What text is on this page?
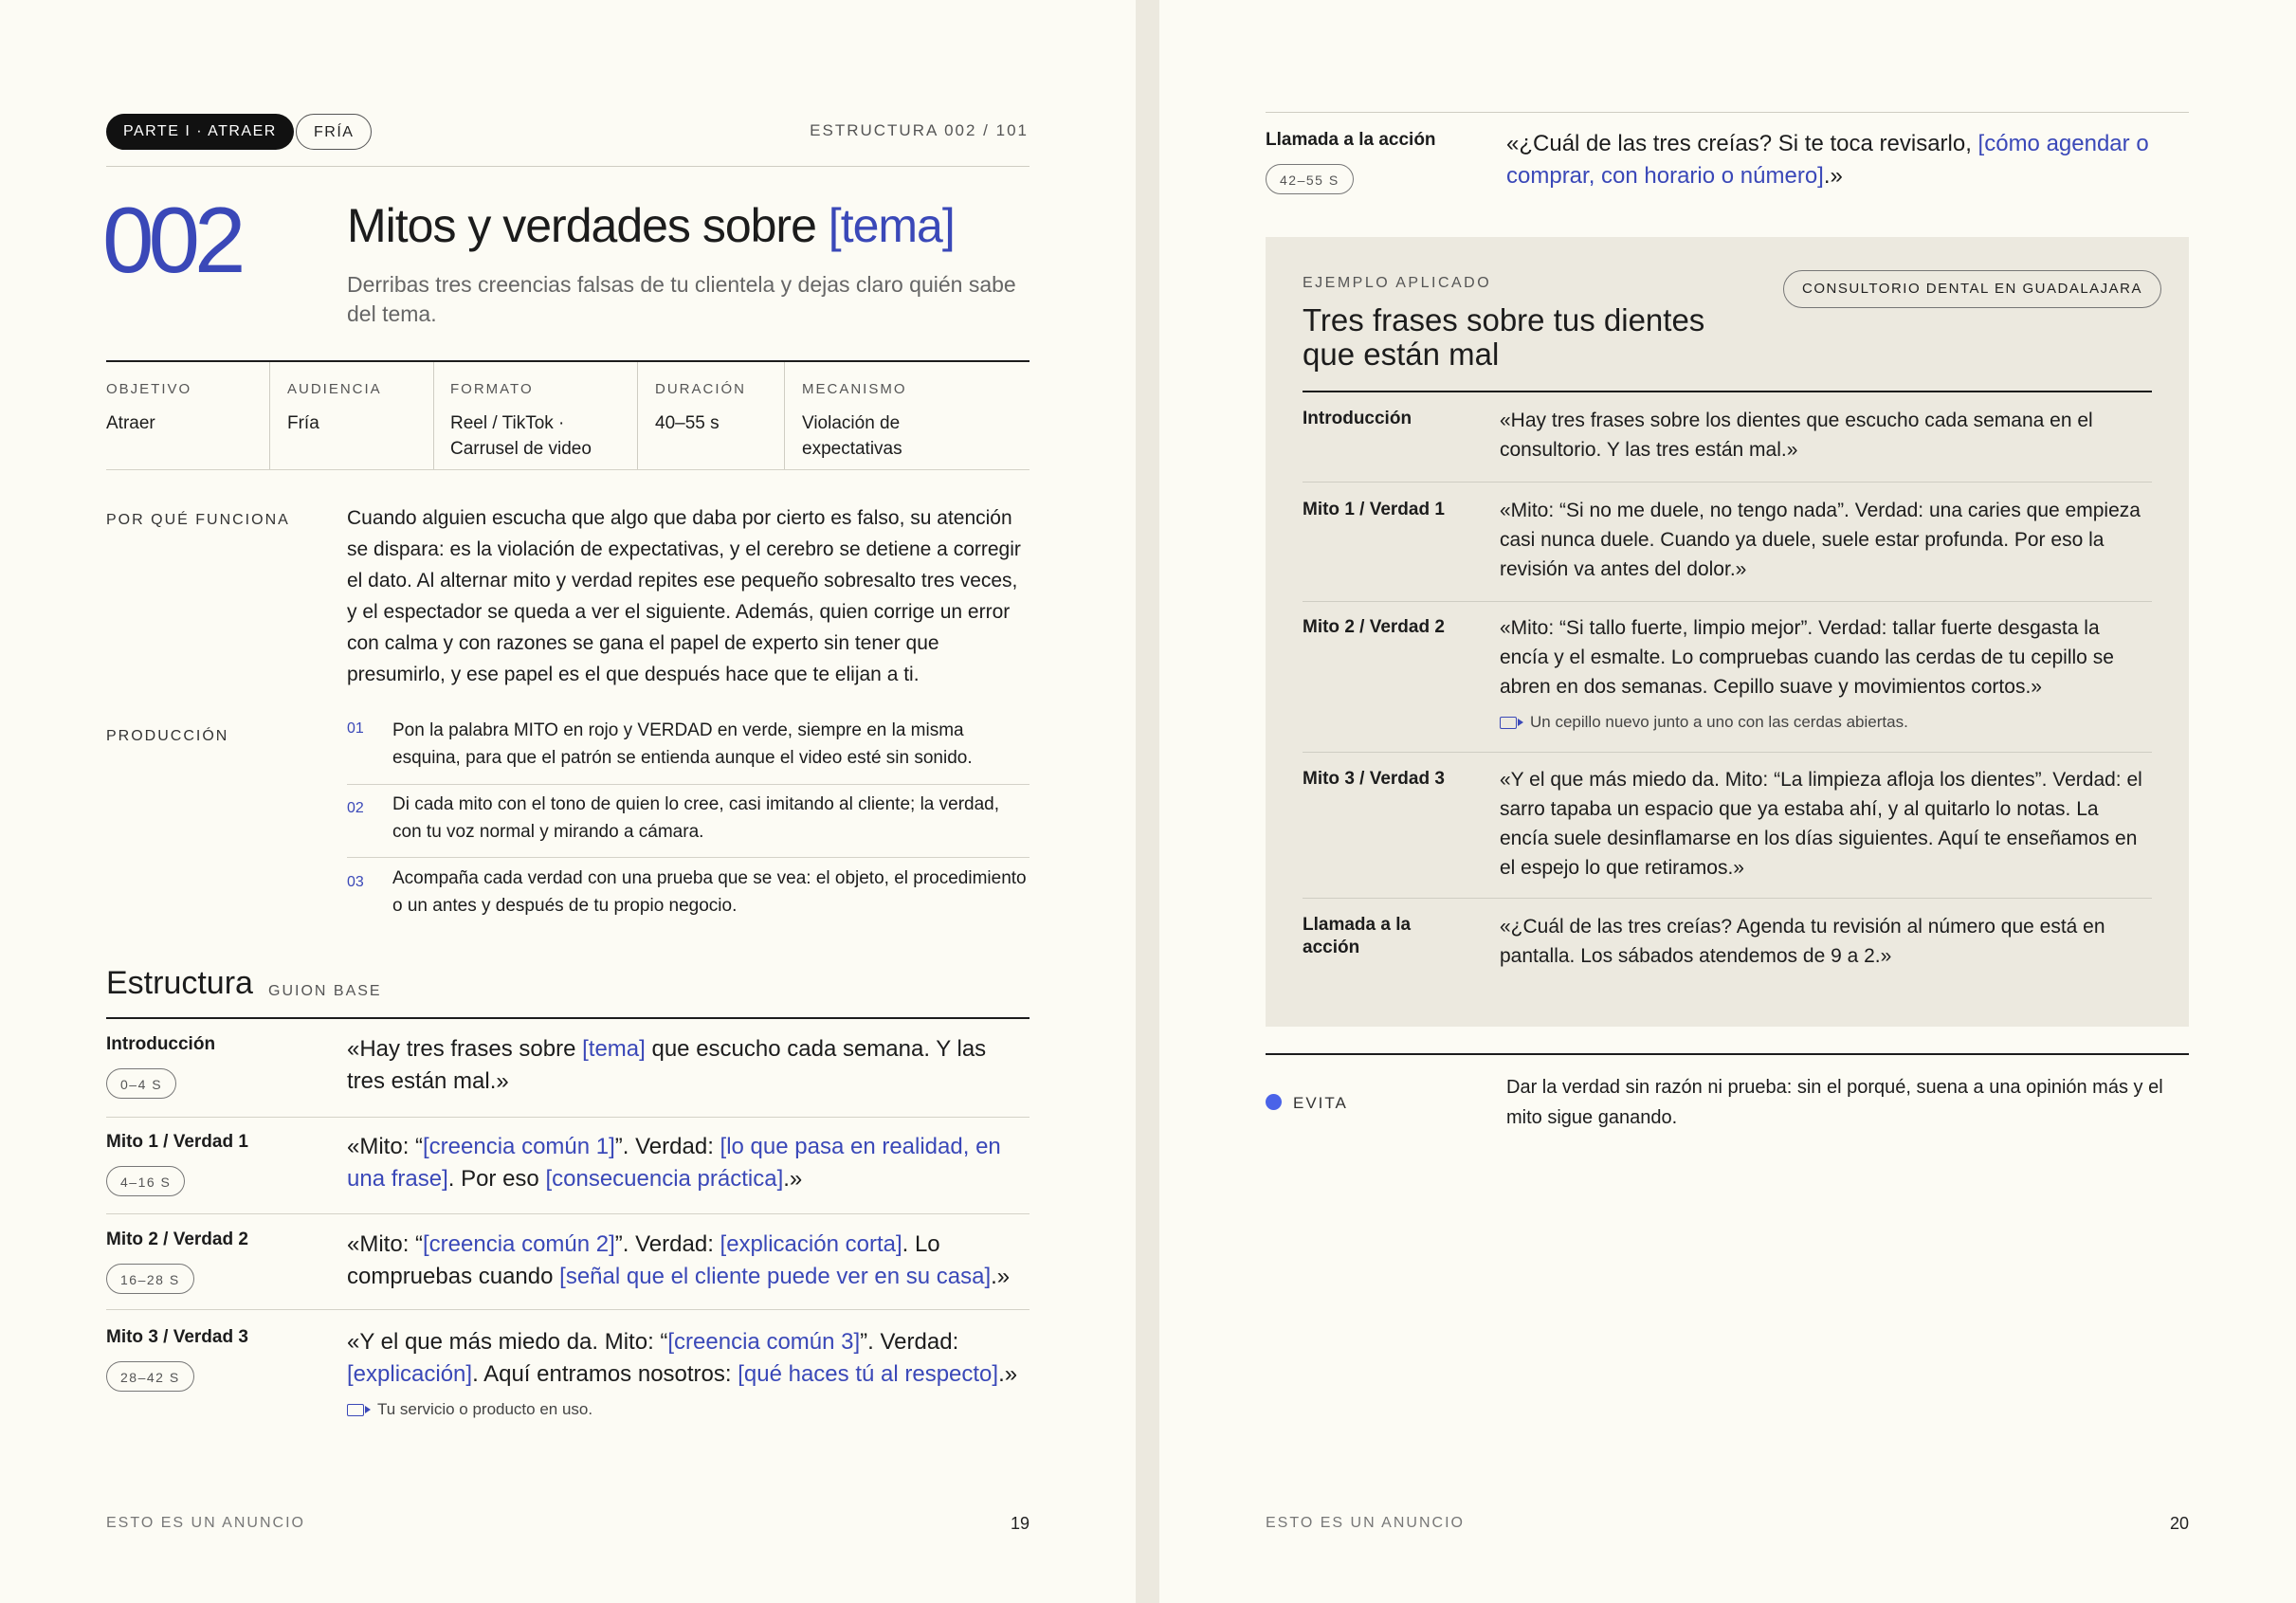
PARTE I · ATRAER	FRÍA	ESTRUCTURA 002 / 101
002 Mitos y verdades sobre [tema]
Derribas tres creencias falsas de tu clientela y dejas claro quién sabe del tema.
OBJETIVO
Atraer
AUDIENCIA
Fría
FORMATO
Reel / TikTok · Carrusel de video
DURACIÓN
40–55 s
MECANISMO
Violación de expectativas
POR QUÉ FUNCIONA	Cuando alguien escucha que algo que daba por cierto es falso, su atención se dispara: es la violación de expectativas, y el cerebro se detiene a corregir el dato. Al alternar mito y verdad repites ese pequeño sobresalto tres veces, y el espectador se queda a ver el siguiente. Además, quien corrige un error con calma y con razones se gana el papel de experto sin tener que presumirlo, y ese papel es el que después hace que te elijan a ti.
PRODUCCIÓN	01 Pon la palabra MITO en rojo y VERDAD en verde, siempre en la misma esquina, para que el patrón se entienda aunque el video esté sin sonido.
02 Di cada mito con el tono de quien lo cree, casi imitando al cliente; la verdad, con tu voz normal y mirando a cámara.
03 Acompaña cada verdad con una prueba que se vea: el objeto, el procedimiento o un antes y después de tu propio negocio.
Estructura GUION BASE
Introducción
0–4 S
«Hay tres frases sobre [tema] que escucho cada semana. Y las tres están mal.»
Mito 1 / Verdad 1
4–16 S
«Mito: “[creencia común 1]”. Verdad: [lo que pasa en realidad, en una frase]. Por eso [consecuencia práctica].»
Mito 2 / Verdad 2
16–28 S
«Mito: “[creencia común 2]”. Verdad: [explicación corta]. Lo compruebas cuando [señal que el cliente puede ver en su casa].»
Mito 3 / Verdad 3
28–42 S
«Y el que más miedo da. Mito: “[creencia común 3]”. Verdad: [explicación]. Aquí entramos nosotros: [qué haces tú al respecto].»
Tu servicio o producto en uso.
ESTO ES UN ANUNCIO	19
Llamada a la acción
42–55 S
«¿Cuál de las tres creías? Si te toca revisarlo, [cómo agendar o comprar, con horario o número].»
EJEMPLO APLICADO	CONSULTORIO DENTAL EN GUADALAJARA
Tres frases sobre tus dientes que están mal
Introducción	«Hay tres frases sobre los dientes que escucho cada semana en el consultorio. Y las tres están mal.»
Mito 1 / Verdad 1	«Mito: “Si no me duele, no tengo nada”. Verdad: una caries que empieza casi nunca duele. Cuando ya duele, suele estar profunda. Por eso la revisión va antes del dolor.»
Mito 2 / Verdad 2	«Mito: “Si tallo fuerte, limpio mejor”. Verdad: tallar fuerte desgasta la encía y el esmalte. Lo compruebas cuando las cerdas de tu cepillo se abren en dos semanas. Cepillo suave y movimientos cortos.»
Un cepillo nuevo junto a uno con las cerdas abiertas.
Mito 3 / Verdad 3	«Y el que más miedo da. Mito: “La limpieza afloja los dientes”. Verdad: el sarro tapaba un espacio que ya estaba ahí, y al quitarlo lo notas. La encía suele desinflamarse en los días siguientes. Aquí te enseñamos en el espejo lo que retiramos.»
Llamada a la acción
«¿Cuál de las tres creías? Agenda tu revisión al número que está en pantalla. Los sábados atendemos de 9 a 2.»
EVITA
Dar la verdad sin razón ni prueba: sin el porqué, suena a una opinión más y el mito sigue ganando.
ESTO ES UN ANUNCIO	20
